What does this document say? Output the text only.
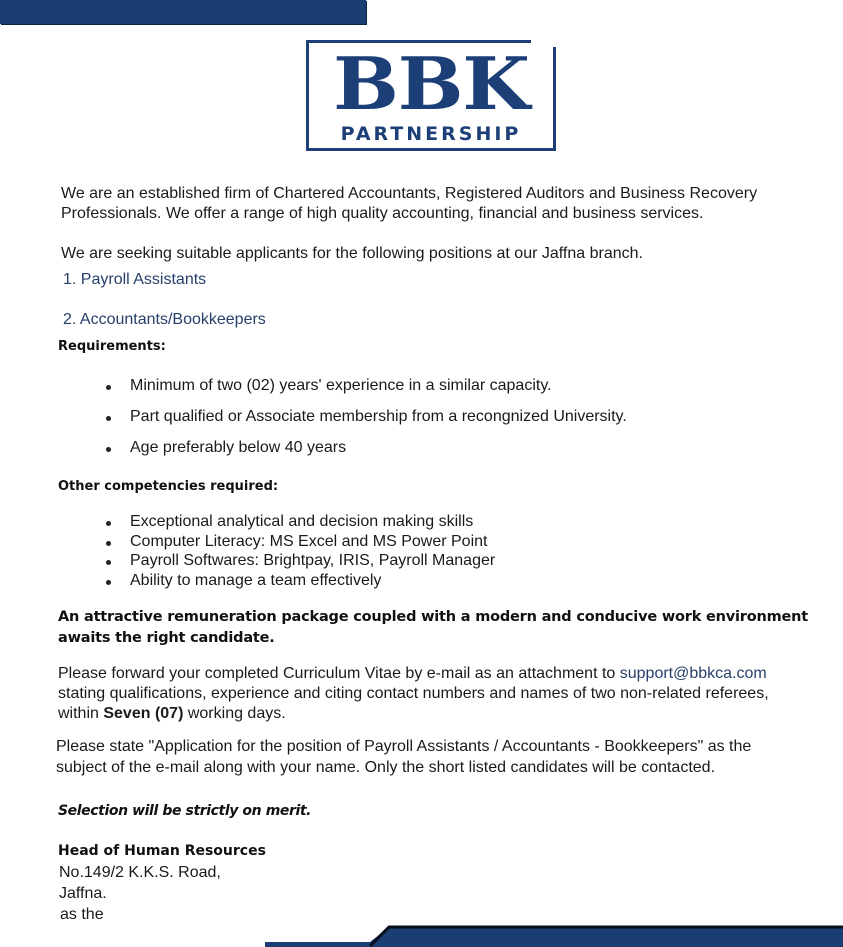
BBK
PARTNERSHIP
We are an established firm of Chartered Accountants, Registered Auditors and Business Recovery
Professionals. We offer a range of high quality accounting, financial and business services.
We are seeking suitable applicants for the following positions at our Jaffna branch.
1. Payroll Assistants
2. Accountants/Bookkeepers
Requirements:
Minimum of two (02) years' experience in a similar capacity.
Part qualified or Associate membership from a recongnized University.
Age preferably below 40 years
Other competencies required:
Exceptional analytical and decision making skills
Computer Literacy: MS Excel and MS Power Point
Payroll Softwares: Brightpay, IRIS, Payroll Manager
Ability to manage a team effectively
An attractive remuneration package coupled with a modern and conducive work environment
awaits the right candidate.
Please forward your completed Curriculum Vitae by e-mail as an attachment to support@bbkca.com
stating qualifications, experience and citing contact numbers and names of two non-related referees,
within Seven (07) working days.
Please state "Application for the position of Payroll Assistants / Accountants - Bookkeepers" as the
subject of the e-mail along with your name. Only the short listed candidates will be contacted.
Selection will be strictly on merit.
Head of Human Resources
No.149/2 K.K.S. Road,
Jaffna.
as the
